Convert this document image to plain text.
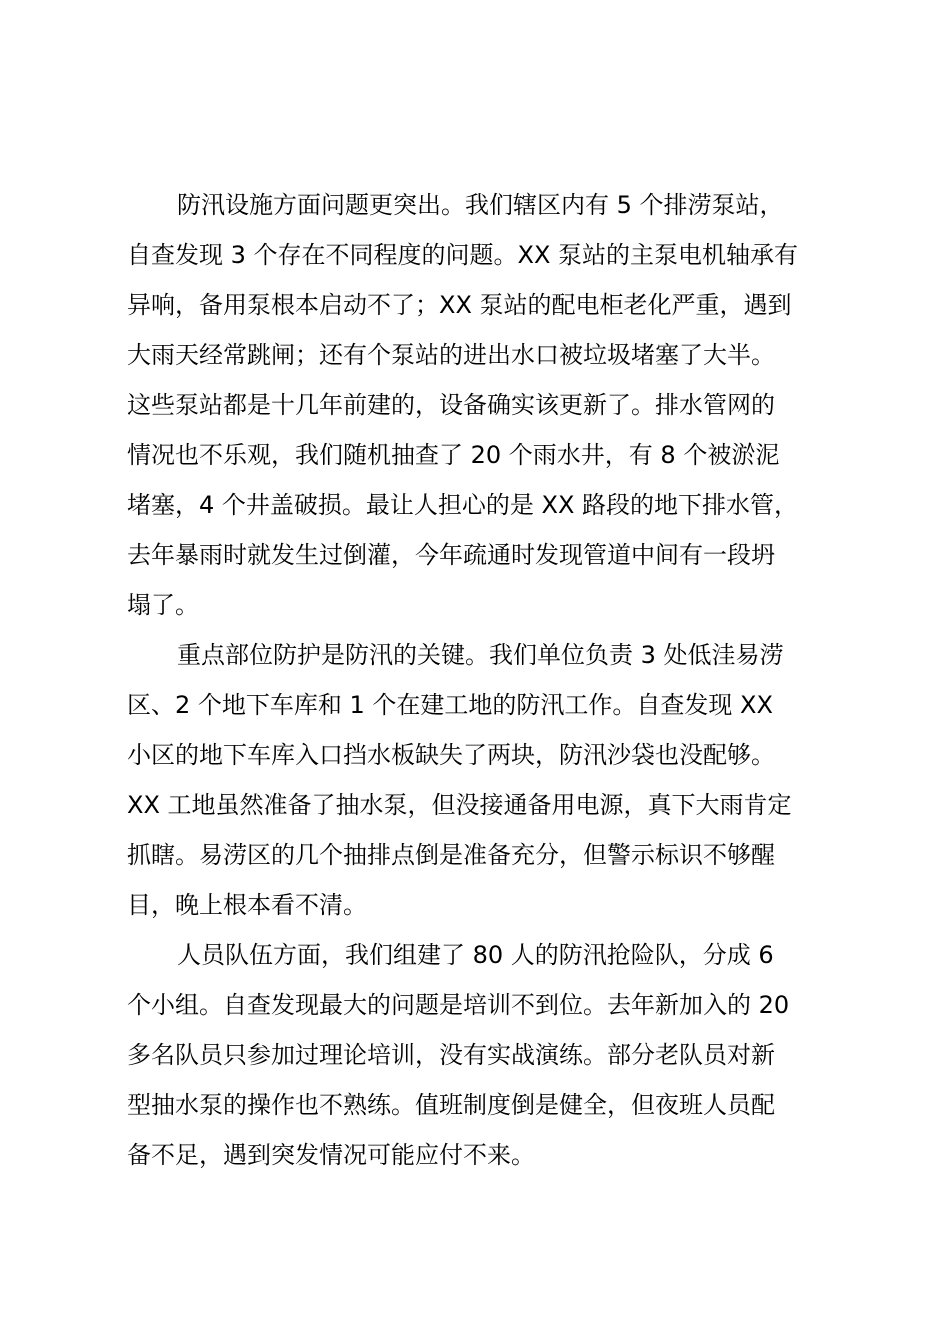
防汛设施方面问题更突出。我们辖区内有 5 个排涝泵站，
自查发现 3 个存在不同程度的问题。XX 泵站的主泵电机轴承有
异响，备用泵根本启动不了；XX 泵站的配电柜老化严重，遇到
大雨天经常跳闸；还有个泵站的进出水口被垃圾堵塞了大半。
这些泵站都是十几年前建的，设备确实该更新了。排水管网的
情况也不乐观，我们随机抽查了 20 个雨水井，有 8 个被淤泥
堵塞，4 个井盖破损。最让人担心的是 XX 路段的地下排水管，
去年暴雨时就发生过倒灌，今年疏通时发现管道中间有一段坍
塌了。

重点部位防护是防汛的关键。我们单位负责 3 处低洼易涝
区、2 个地下车库和 1 个在建工地的防汛工作。自查发现 XX
小区的地下车库入口挡水板缺失了两块，防汛沙袋也没配够。
XX 工地虽然准备了抽水泵，但没接通备用电源，真下大雨肯定
抓瞎。易涝区的几个抽排点倒是准备充分，但警示标识不够醒
目，晚上根本看不清。

人员队伍方面，我们组建了 80 人的防汛抢险队，分成 6
个小组。自查发现最大的问题是培训不到位。去年新加入的 20
多名队员只参加过理论培训，没有实战演练。部分老队员对新
型抽水泵的操作也不熟练。值班制度倒是健全，但夜班人员配
备不足，遇到突发情况可能应付不来。
